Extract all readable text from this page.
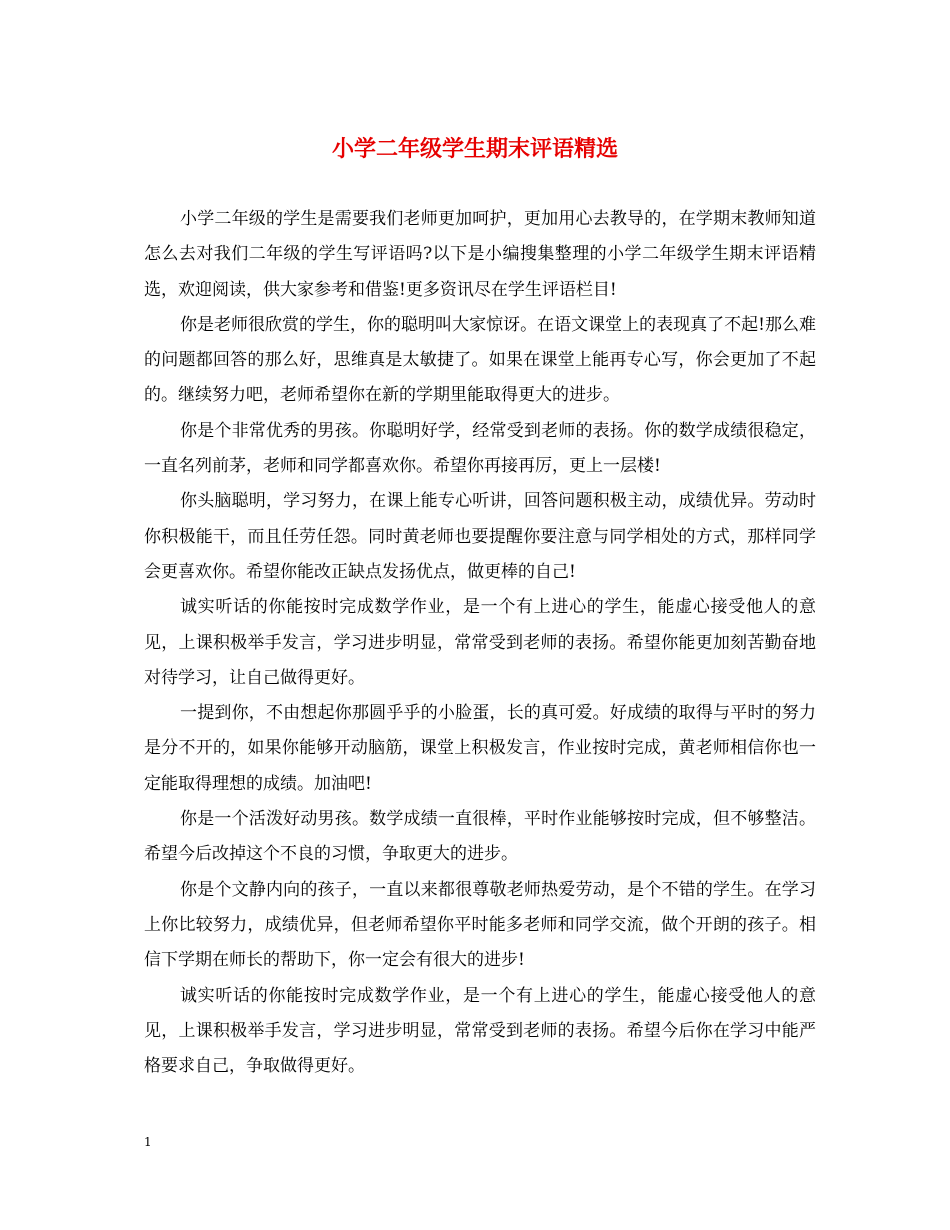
小学二年级学生期末评语精选

小学二年级的学生是需要我们老师更加呵护，更加用心去教导的，在学期末教师知道怎么去对我们二年级的学生写评语吗?以下是小编搜集整理的小学二年级学生期末评语精选，欢迎阅读，供大家参考和借鉴!更多资讯尽在学生评语栏目!

你是老师很欣赏的学生，你的聪明叫大家惊讶。在语文课堂上的表现真了不起!那么难的问题都回答的那么好，思维真是太敏捷了。如果在课堂上能再专心写，你会更加了不起的。继续努力吧，老师希望你在新的学期里能取得更大的进步。

你是个非常优秀的男孩。你聪明好学，经常受到老师的表扬。你的数学成绩很稳定，一直名列前茅，老师和同学都喜欢你。希望你再接再厉，更上一层楼!

你头脑聪明，学习努力，在课上能专心听讲，回答问题积极主动，成绩优异。劳动时你积极能干，而且任劳任怨。同时黄老师也要提醒你要注意与同学相处的方式，那样同学会更喜欢你。希望你能改正缺点发扬优点，做更棒的自己!

诚实听话的你能按时完成数学作业，是一个有上进心的学生，能虚心接受他人的意见，上课积极举手发言，学习进步明显，常常受到老师的表扬。希望你能更加刻苦勤奋地对待学习，让自己做得更好。

一提到你，不由想起你那圆乎乎的小脸蛋，长的真可爱。好成绩的取得与平时的努力是分不开的，如果你能够开动脑筋，课堂上积极发言，作业按时完成，黄老师相信你也一定能取得理想的成绩。加油吧!

你是一个活泼好动男孩。数学成绩一直很棒，平时作业能够按时完成，但不够整洁。希望今后改掉这个不良的习惯，争取更大的进步。

你是个文静内向的孩子，一直以来都很尊敬老师热爱劳动，是个不错的学生。在学习上你比较努力，成绩优异，但老师希望你平时能多老师和同学交流，做个开朗的孩子。相信下学期在师长的帮助下，你一定会有很大的进步!

诚实听话的你能按时完成数学作业，是一个有上进心的学生，能虚心接受他人的意见，上课积极举手发言，学习进步明显，常常受到老师的表扬。希望今后你在学习中能严格要求自己，争取做得更好。

1
